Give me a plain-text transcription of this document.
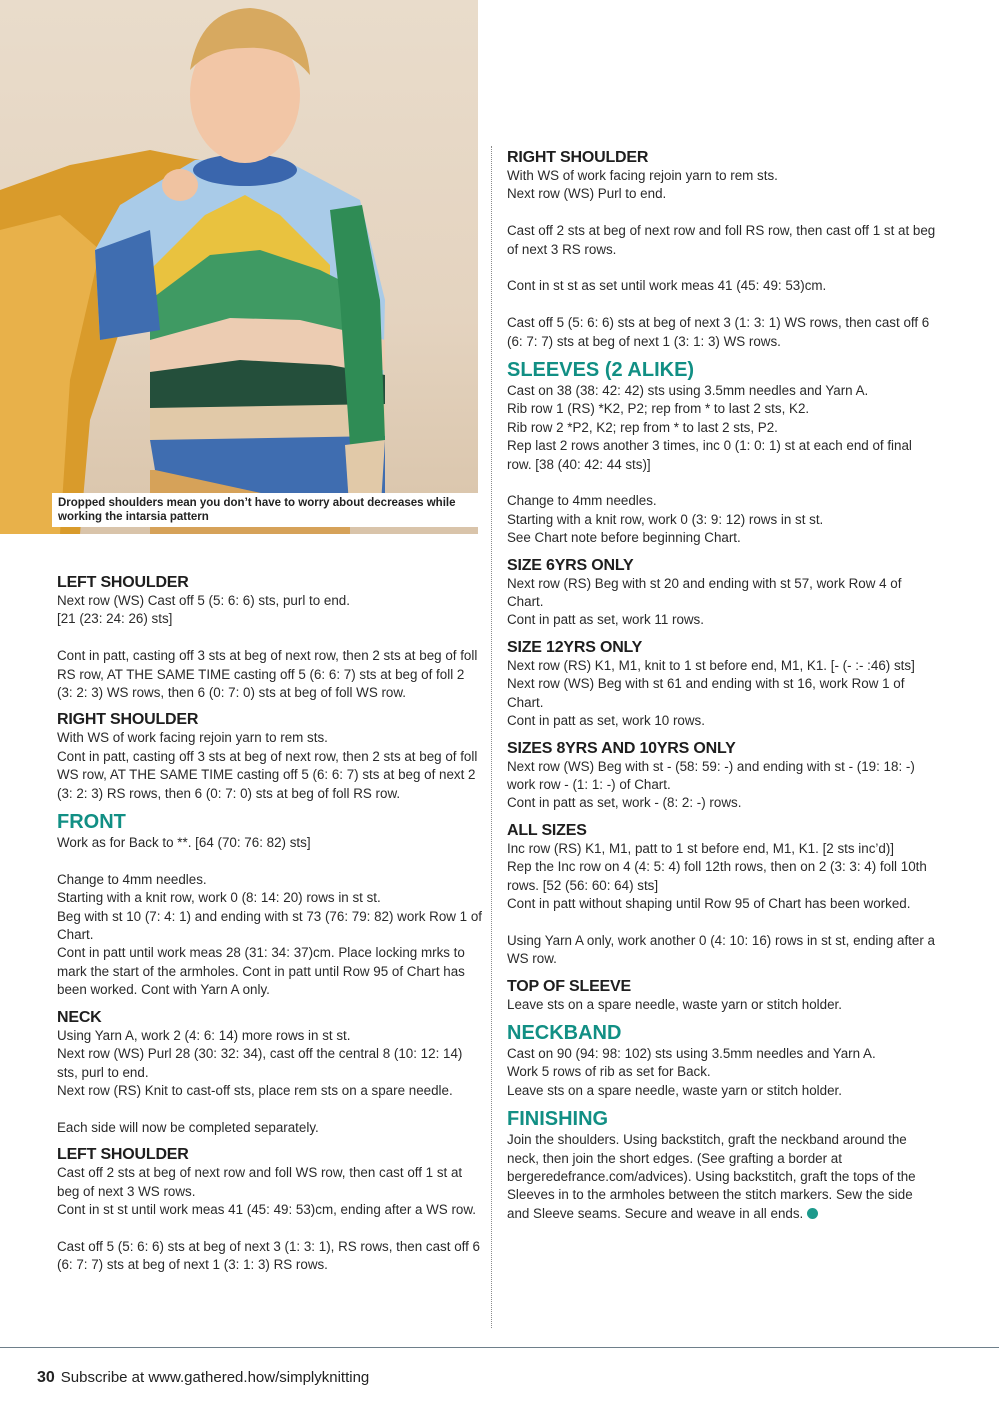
Dropped shoulders mean you don’t have to worry about decreases while working the intarsia pattern

LEFT SHOULDER

Next row (WS) Cast off 5 (5: 6: 6) sts, purl to end.

[21 (23: 24: 26) sts]

Cont in patt, casting off 3 sts at beg of next row, then 2 sts at beg of foll RS row, AT THE SAME TIME casting off 5 (6: 6: 7) sts at beg of foll 2 (3: 2: 3) WS rows, then 6 (0: 7: 0) sts at beg of foll WS row.

RIGHT SHOULDER

With WS of work facing rejoin yarn to rem sts.

Cont in patt, casting off 3 sts at beg of next row, then 2 sts at beg of foll WS row, AT THE SAME TIME casting off 5 (6: 6: 7) sts at beg of next 2 (3: 2: 3) RS rows, then 6 (0: 7: 0) sts at beg of foll RS row.

FRONT

Work as for Back to **. [64 (70: 76: 82) sts]

Change to 4mm needles.

Starting with a knit row, work 0 (8: 14: 20) rows in st st.

Beg with st 10 (7: 4: 1) and ending with st 73 (76: 79: 82) work Row 1 of Chart.

Cont in patt until work meas 28 (31: 34: 37)cm. Place locking mrks to mark the start of the armholes. Cont in patt until Row 95 of Chart has been worked. Cont with Yarn A only.

NECK

Using Yarn A, work 2 (4: 6: 14) more rows in st st.

Next row (WS) Purl 28 (30: 32: 34), cast off the central 8 (10: 12: 14) sts, purl to end.

Next row (RS) Knit to cast-off sts, place rem sts on a spare needle.

Each side will now be completed separately.

LEFT SHOULDER

Cast off 2 sts at beg of next row and foll WS row, then cast off 1 st at beg of next 3 WS rows.

Cont in st st until work meas 41 (45: 49: 53)cm, ending after a WS row.

Cast off 5 (5: 6: 6) sts at beg of next 3 (1: 3: 1), RS rows, then cast off 6 (6: 7: 7) sts at beg of next 1 (3: 1: 3) RS rows.

RIGHT SHOULDER

With WS of work facing rejoin yarn to rem sts.

Next row (WS) Purl to end.

Cast off 2 sts at beg of next row and foll RS row, then cast off 1 st at beg of next 3 RS rows.

Cont in st st as set until work meas 41 (45: 49: 53)cm.

Cast off 5 (5: 6: 6) sts at beg of next 3 (1: 3: 1) WS rows, then cast off 6 (6: 7: 7) sts at beg of next 1 (3: 1: 3) WS rows.

SLEEVES (2 ALIKE)

Cast on 38 (38: 42: 42) sts using 3.5mm needles and Yarn A.

Rib row 1 (RS) *K2, P2; rep from * to last 2 sts, K2.

Rib row 2 *P2, K2; rep from * to last 2 sts, P2.

Rep last 2 rows another 3 times, inc 0 (1: 0: 1) st at each end of final row. [38 (40: 42: 44 sts)]

Change to 4mm needles.

Starting with a knit row, work 0 (3: 9: 12) rows in st st.

See Chart note before beginning Chart.

SIZE 6YRS ONLY

Next row (RS) Beg with st 20 and ending with st 57, work Row 4 of Chart.

Cont in patt as set, work 11 rows.

SIZE 12YRS ONLY

Next row (RS) K1, M1, knit to 1 st before end, M1, K1. [- (- :- :46) sts]

Next row (WS) Beg with st 61 and ending with st 16, work Row 1 of Chart.

Cont in patt as set, work 10 rows.

SIZES 8YRS AND 10YRS ONLY

Next row (WS) Beg with st - (58: 59: -) and ending with st - (19: 18: -) work row - (1: 1: -) of Chart.

Cont in patt as set, work - (8: 2: -) rows.

ALL SIZES

Inc row (RS) K1, M1, patt to 1 st before end, M1, K1. [2 sts inc’d)]

Rep the Inc row on 4 (4: 5: 4) foll 12th rows, then on 2 (3: 3: 4) foll 10th rows. [52 (56: 60: 64) sts]

Cont in patt without shaping until Row 95 of Chart has been worked.

Using Yarn A only, work another 0 (4: 10: 16) rows in st st, ending after a WS row.

TOP OF SLEEVE

Leave sts on a spare needle, waste yarn or stitch holder.

NECKBAND

Cast on 90 (94: 98: 102) sts using 3.5mm needles and Yarn A.

Work 5 rows of rib as set for Back.

Leave sts on a spare needle, waste yarn or stitch holder.

FINISHING

Join the shoulders. Using backstitch, graft the neckband around the neck, then join the short edges. (See grafting a border at bergeredefrance.com/advices). Using backstitch, graft the tops of the Sleeves in to the armholes between the stitch markers. Sew the side and Sleeve seams. Secure and weave in all ends.

30 Subscribe at www.gathered.how/simplyknitting
